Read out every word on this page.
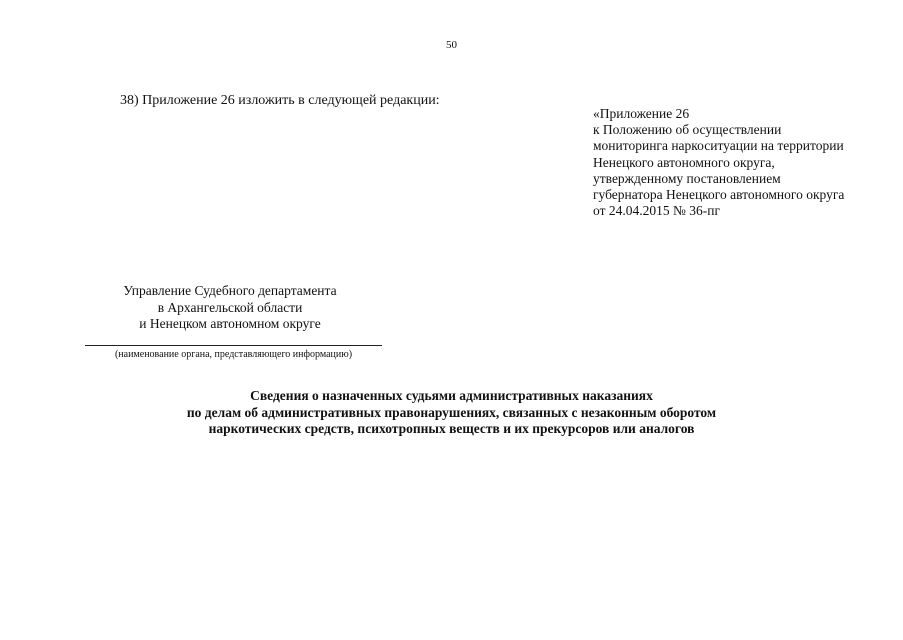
50
38) Приложение 26 изложить в следующей редакции:
«Приложение 26
к Положению об осуществлении
мониторинга наркоситуации на территории
Ненецкого автономного округа,
утвержденному постановлением
губернатора Ненецкого автономного округа
от 24.04.2015 № 36-пг
Управление Судебного департамента
в Архангельской области
и Ненецком автономном округе
(наименование органа, представляющего информацию)
Сведения о назначенных судьями административных наказаниях
по делам об административных правонарушениях, связанных с незаконным оборотом
наркотических средств, психотропных веществ и их прекурсоров или аналогов
